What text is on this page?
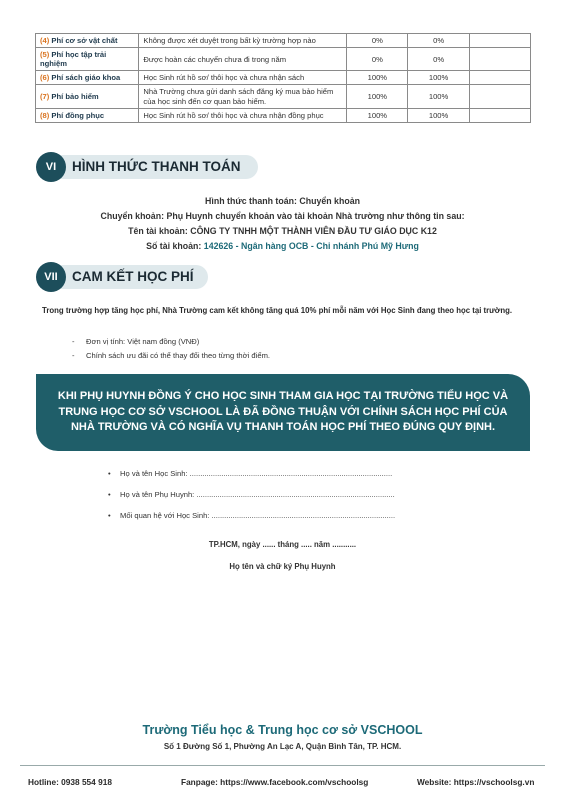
(4) Phí cơ sở vật chất	Không được xét duyệt trong bất kỳ trường hợp nào	0%	0%	
(5) Phí học tập trải nghiệm	Được hoàn các chuyến chưa đi trong năm	0%	0%	
(6) Phí sách giáo khoa	Học Sinh rút hồ sơ/ thôi học và chưa nhận sách	100%	100%	
(7) Phí bảo hiểm	Nhà Trường chưa gửi danh sách đăng ký mua bảo hiểm của học sinh đến cơ quan bảo hiểm.	100%	100%	
(8) Phí đồng phục	Học Sinh rút hồ sơ/ thôi học và chưa nhận đồng phục	100%	100%	
VI	HÌNH THỨC THANH TOÁN
Hình thức thanh toán: Chuyển khoản
Chuyển khoản: Phụ Huynh chuyển khoản vào tài khoản Nhà trường như thông tin sau:
Tên tài khoản: CÔNG TY TNHH MỘT THÀNH VIÊN ĐẦU TƯ GIÁO DỤC K12
Số tài khoản: 142626 - Ngân hàng OCB - Chi nhánh Phú Mỹ Hưng
VII	CAM KẾT HỌC PHÍ
Trong trường hợp tăng học phí, Nhà Trường cam kết không tăng quá 10% phí mỗi năm với Học Sinh đang theo học tại trường.
- Đơn vị tính: Việt nam đồng (VNĐ)
- Chính sách ưu đãi có thể thay đổi theo từng thời điểm.
KHI PHỤ HUYNH ĐỒNG Ý CHO HỌC SINH THAM GIA HỌC TẠI TRƯỜNG TIỂU HỌC VÀ TRUNG HỌC CƠ SỞ VSCHOOL LÀ ĐÃ ĐỒNG THUẬN VỚI CHÍNH SÁCH HỌC PHÍ CỦA NHÀ TRƯỜNG VÀ CÓ NGHĨA VỤ THANH TOÁN HỌC PHÍ THEO ĐÚNG QUY ĐỊNH.
• Họ và tên Học Sinh: ................................................................................................
• Họ và tên Phụ Huynh: ..............................................................................................
• Mối quan hệ với Học Sinh: .......................................................................................
TP.HCM, ngày ...... tháng ..... năm ...........
Họ tên và chữ ký Phụ Huynh
Trường Tiểu học & Trung học cơ sở VSCHOOL
Số 1 Đường Số 1, Phường An Lạc A, Quận Bình Tân, TP. HCM.
Hotline: 0938 554 918	Fanpage: https://www.facebook.com/vschoolsg	Website: https://vschoolsg.vn
